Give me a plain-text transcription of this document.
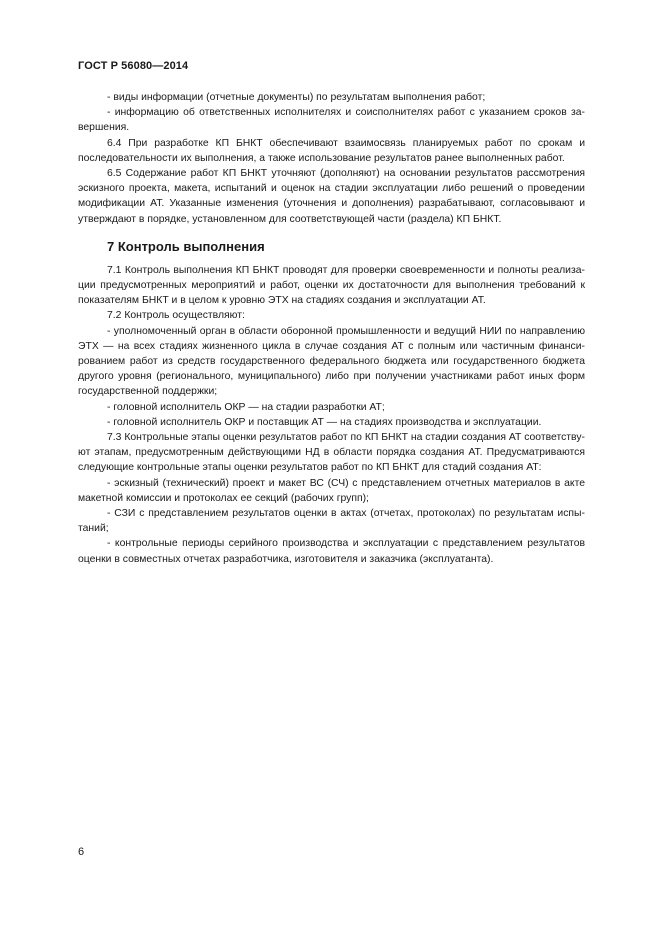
ГОСТ Р 56080—2014

- виды информации (отчетные документы) по результатам выполнения работ;

- информацию об ответственных исполнителях и соисполнителях работ с указанием сроков завершения.

6.4 При разработке КП БНКТ обеспечивают взаимосвязь планируемых работ по срокам и последовательности их выполнения, а также использование результатов ранее выполненных работ.

6.5 Содержание работ КП БНКТ уточняют (дополняют) на основании результатов рассмотрения эскизного проекта, макета, испытаний и оценок на стадии эксплуатации либо решений о проведении модификации АТ. Указанные изменения (уточнения и дополнения) разрабатывают, согласовывают и утверждают в порядке, установленном для соответствующей части (раздела) КП БНКТ.

7 Контроль выполнения

7.1 Контроль выполнения КП БНКТ проводят для проверки своевременности и полноты реализации предусмотренных мероприятий и работ, оценки их достаточности для выполнения требований к показателям БНКТ и в целом к уровню ЭТХ на стадиях создания и эксплуатации АТ.

7.2 Контроль осуществляют:

- уполномоченный орган в области оборонной промышленности и ведущий НИИ по направлению ЭТХ — на всех стадиях жизненного цикла в случае создания АТ с полным или частичным финансированием работ из средств государственного федерального бюджета или государственного бюджета другого уровня (регионального, муниципального) либо при получении участниками работ иных форм государственной поддержки;

- головной исполнитель ОКР — на стадии разработки АТ;

- головной исполнитель ОКР и поставщик АТ — на стадиях производства и эксплуатации.

7.3 Контрольные этапы оценки результатов работ по КП БНКТ на стадии создания АТ соответствуют этапам, предусмотренным действующими НД в области порядка создания АТ. Предусматриваются следующие контрольные этапы оценки результатов работ по КП БНКТ для стадий создания АТ:

- эскизный (технический) проект и макет ВС (СЧ) с представлением отчетных материалов в акте макетной комиссии и протоколах ее секций (рабочих групп);

- СЗИ с представлением результатов оценки в актах (отчетах, протоколах) по результатам испытаний;

- контрольные периоды серийного производства и эксплуатации с представлением результатов оценки в совместных отчетах разработчика, изготовителя и заказчика (эксплуатанта).

6
